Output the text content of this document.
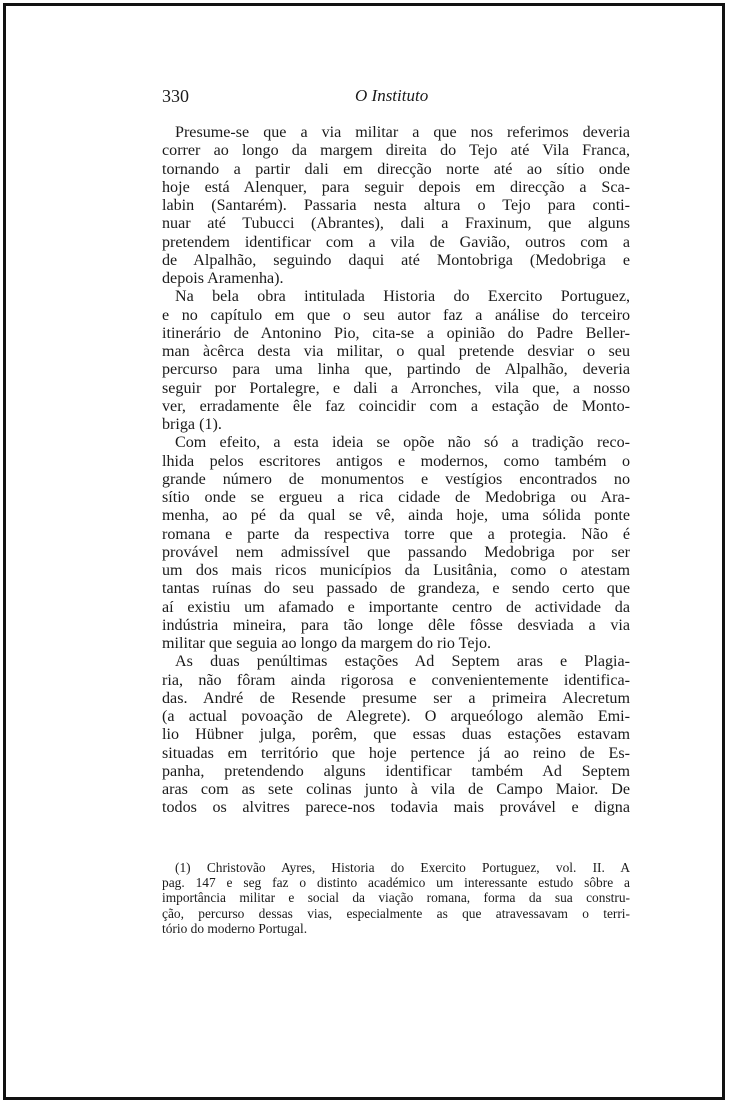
330	O Instituto

Presume-se que a via militar a que nos referimos deveria
correr ao longo da margem direita do Tejo até Vila Franca,
tornando a partir dali em direcção norte até ao sítio onde
hoje está Alenquer, para seguir depois em direcção a Sca-
labin (Santarém). Passaria nesta altura o Tejo para conti-
nuar até Tubucci (Abrantes), dali a Fraxinum, que alguns
pretendem identificar com a vila de Gavião, outros com a
de Alpalhão, seguindo daqui até Montobriga (Medobriga e
depois Aramenha).

Na bela obra intitulada Historia do Exercito Portuguez,
e no capítulo em que o seu autor faz a análise do terceiro
itinerário de Antonino Pio, cita-se a opinião do Padre Beller-
man àcêrca desta via militar, o qual pretende desviar o seu
percurso para uma linha que, partindo de Alpalhão, deveria
seguir por Portalegre, e dali a Arronches, vila que, a nosso
ver, erradamente êle faz coincidir com a estação de Monto-
briga (1).

Com efeito, a esta ideia se opõe não só a tradição reco-
lhida pelos escritores antigos e modernos, como também o
grande número de monumentos e vestígios encontrados no
sítio onde se ergueu a rica cidade de Medobriga ou Ara-
menha, ao pé da qual se vê, ainda hoje, uma sólida ponte
romana e parte da respectiva torre que a protegia. Não é
provável nem admissível que passando Medobriga por ser
um dos mais ricos municípios da Lusitânia, como o atestam
tantas ruínas do seu passado de grandeza, e sendo certo que
aí existiu um afamado e importante centro de actividade da
indústria mineira, para tão longe dêle fôsse desviada a via
militar que seguia ao longo da margem do rio Tejo.

As duas penúltimas estações Ad Septem aras e Plagia-
ria, não fôram ainda rigorosa e convenientemente identifica-
das. André de Resende presume ser a primeira Alecretum
(a actual povoação de Alegrete). O arqueólogo alemão Emi-
lio Hübner julga, porêm, que essas duas estações estavam
situadas em território que hoje pertence já ao reino de Es-
panha, pretendendo alguns identificar também Ad Septem
aras com as sete colinas junto à vila de Campo Maior. De
todos os alvitres parece-nos todavia mais provável e digna

(1) Christovão Ayres, Historia do Exercito Portuguez, vol. II. A
pag. 147 e seg faz o distinto académico um interessante estudo sôbre a
importância militar e social da viação romana, forma da sua constru-
ção, percurso dessas vias, especialmente as que atravessavam o terri-
tório do moderno Portugal.
